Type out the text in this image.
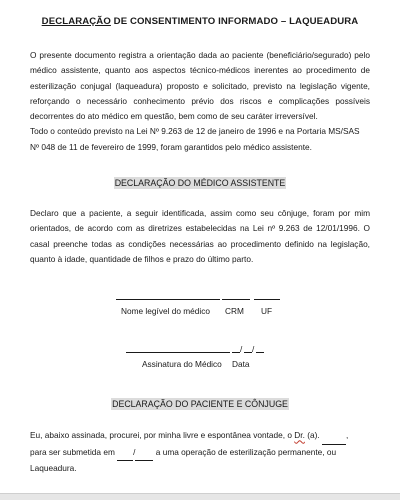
DECLARAÇÃO DE CONSENTIMENTO INFORMADO – LAQUEADURA

O presente documento registra a orientação dada ao paciente (beneficiário/segurado) pelo médico assistente, quanto aos aspectos técnico-médicos inerentes ao procedimento de esterilização conjugal (laqueadura) proposto e solicitado, previsto na legislação vigente, reforçando o necessário conhecimento prévio dos riscos e complicações possíveis decorrentes do ato médico em questão, bem como de seu caráter irreversível.

Todo o conteúdo previsto na Lei Nº 9.263 de 12 de janeiro de 1996 e na Portaria MS/SAS Nº 048 de 11 de fevereiro de 1999, foram garantidos pelo médico assistente.

DECLARAÇÃO DO MÉDICO ASSISTENTE

Declaro que a paciente, a seguir identificada, assim como seu cônjuge, foram por mim orientados, de acordo com as diretrizes estabelecidas na Lei nº 9.263 de 12/01/1996. O casal preenche todas as condições necessárias ao procedimento definido na legislação, quanto à idade, quantidade de filhos e prazo do último parto.

Nome legível do médico CRM UF
/ /
Assinatura do Médico Data
DECLARAÇÃO DO PACIENTE E CÔNJUGE

Eu, abaixo assinada, procurei, por minha livre e espontânea vontade, o Dr. (a).	,
para ser submetida em  /  a uma operação de esterilização permanente, ou Laqueadura.
